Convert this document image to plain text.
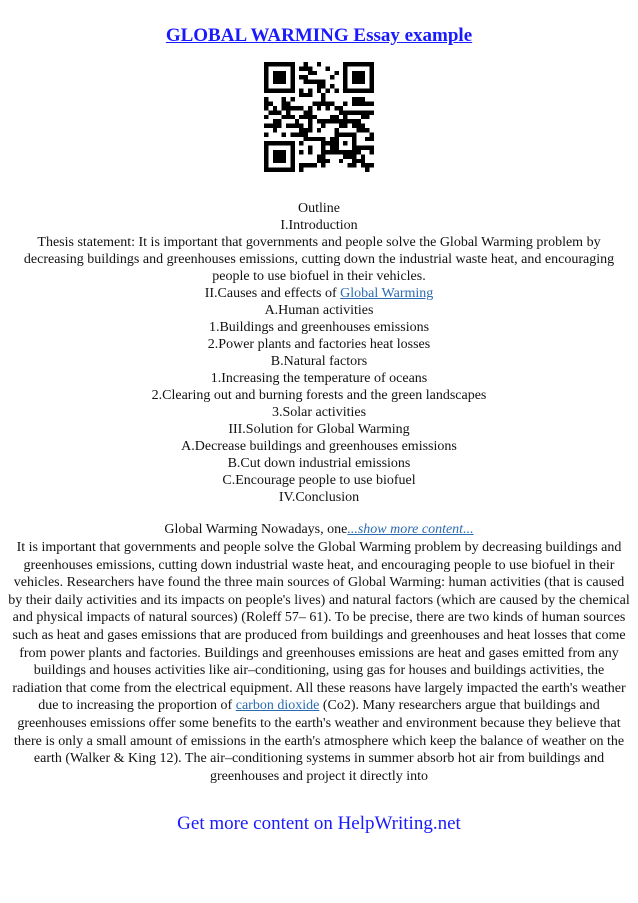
GLOBAL WARMING Essay example
Outline
I.Introduction
Thesis statement: It is important that governments and people solve the Global Warming problem by decreasing buildings and greenhouses emissions, cutting down the industrial waste heat, and encouraging people to use biofuel in their vehicles.
II.Causes and effects of Global Warming
A.Human activities
1.Buildings and greenhouses emissions
2.Power plants and factories heat losses
B.Natural factors
1.Increasing the temperature of oceans
2.Clearing out and burning forests and the green landscapes
3.Solar activities
III.Solution for Global Warming
A.Decrease buildings and greenhouses emissions
B.Cut down industrial emissions
C.Encourage people to use biofuel
IV.Conclusion
Global Warming Nowadays, one...show more content...
It is important that governments and people solve the Global Warming problem by decreasing buildings and greenhouses emissions, cutting down industrial waste heat, and encouraging people to use biofuel in their vehicles. Researchers have found the three main sources of Global Warming: human activities (that is caused by their daily activities and its impacts on people's lives) and natural factors (which are caused by the chemical and physical impacts of natural sources) (Roleff 57– 61). To be precise, there are two kinds of human sources such as heat and gases emissions that are produced from buildings and greenhouses and heat losses that come from power plants and factories. Buildings and greenhouses emissions are heat and gases emitted from any buildings and houses activities like air–conditioning, using gas for houses and buildings activities, the radiation that come from the electrical equipment. All these reasons have largely impacted the earth's weather due to increasing the proportion of carbon dioxide (Co2). Many researchers argue that buildings and greenhouses emissions offer some benefits to the earth's weather and environment because they believe that there is only a small amount of emissions in the earth's atmosphere which keep the balance of weather on the earth (Walker & King 12). The air–conditioning systems in summer absorb hot air from buildings and greenhouses and project it directly into
Get more content on HelpWriting.net
